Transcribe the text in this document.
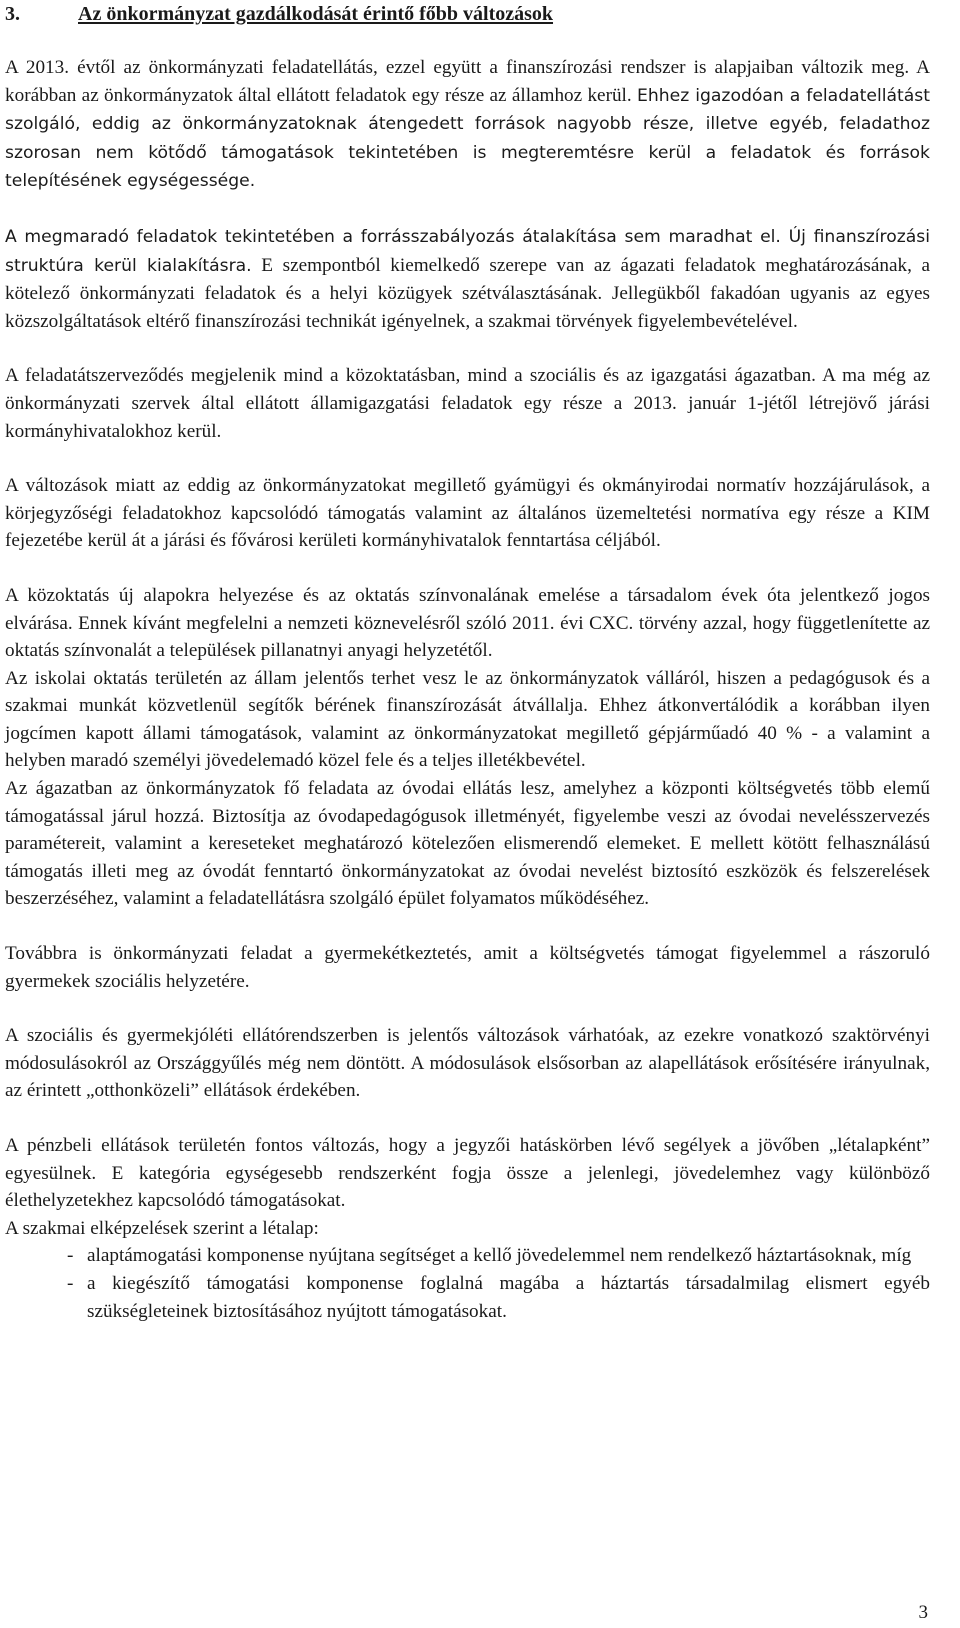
3.	Az önkormányzat gazdálkodását érintő főbb változások

A 2013. évtől az önkormányzati feladatellátás, ezzel együtt a finanszírozási rendszer is alapjaiban változik meg. A korábban az önkormányzatok által ellátott feladatok egy része az államhoz kerül. Ehhez igazodóan a feladatellátást szolgáló, eddig az önkormányzatoknak átengedett források nagyobb része, illetve egyéb, feladathoz szorosan nem kötődő támogatások tekintetében is megteremtésre kerül a feladatok és források telepítésének egységessége.

A megmaradó feladatok tekintetében a forrásszabályozás átalakítása sem maradhat el. Új finanszírozási struktúra kerül kialakításra. E szempontból kiemelkedő szerepe van az ágazati feladatok meghatározásának, a kötelező önkormányzati feladatok és a helyi közügyek szétválasztásának. Jellegükből fakadóan ugyanis az egyes közszolgáltatások eltérő finanszírozási technikát igényelnek, a szakmai törvények figyelembevételével.

A feladatátszerveződés megjelenik mind a közoktatásban, mind a szociális és az igazgatási ágazatban. A ma még az önkormányzati szervek által ellátott államigazgatási feladatok egy része a 2013. január 1-jétől létrejövő járási kormányhivatalokhoz kerül.

A változások miatt az eddig az önkormányzatokat megillető gyámügyi és okmányirodai normatív hozzájárulások, a körjegyzőségi feladatokhoz kapcsolódó támogatás valamint az általános üzemeltetési normatíva egy része a KIM fejezetébe kerül át a járási és fővárosi kerületi kormányhivatalok fenntartása céljából.

A közoktatás új alapokra helyezése és az oktatás színvonalának emelése a társadalom évek óta jelentkező jogos elvárása. Ennek kívánt megfelelni a nemzeti köznevelésről szóló 2011. évi CXC. törvény azzal, hogy függetlenítette az oktatás színvonalát a települések pillanatnyi anyagi helyzetétől.

Az iskolai oktatás területén az állam jelentős terhet vesz le az önkormányzatok válláról, hiszen a pedagógusok és a szakmai munkát közvetlenül segítők bérének finanszírozását átvállalja. Ehhez átkonvertálódik a korábban ilyen jogcímen kapott állami támogatások, valamint az önkormányzatokat megillető gépjárműadó 40 % - a valamint a helyben maradó személyi jövedelemadó közel fele és a teljes illetékbevétel.

Az ágazatban az önkormányzatok fő feladata az óvodai ellátás lesz, amelyhez a központi költségvetés több elemű támogatással járul hozzá. Biztosítja az óvodapedagógusok illetményét, figyelembe veszi az óvodai nevelésszervezés paramétereit, valamint a kereseteket meghatározó kötelezően elismerendő elemeket. E mellett kötött felhasználású támogatás illeti meg az óvodát fenntartó önkormányzatokat az óvodai nevelést biztosító eszközök és felszerelések beszerzéséhez, valamint a feladatellátásra szolgáló épület folyamatos működéséhez.

Továbbra is önkormányzati feladat a gyermekétkeztetés, amit a költségvetés támogat figyelemmel a rászoruló gyermekek szociális helyzetére.

A szociális és gyermekjóléti ellátórendszerben is jelentős változások várhatóak, az ezekre vonatkozó szaktörvényi módosulásokról az Országgyűlés még nem döntött. A módosulások elsősorban az alapellátások erősítésére irányulnak, az érintett „otthonközeli” ellátások érdekében.

A pénzbeli ellátások területén fontos változás, hogy a jegyzői hatáskörben lévő segélyek a jövőben „létalapként” egyesülnek. E kategória egységesebb rendszerként fogja össze a jelenlegi, jövedelemhez vagy különböző élethelyzetekhez kapcsolódó támogatásokat.

A szakmai elképzelések szerint a létalap:

- alaptámogatási komponense nyújtana segítséget a kellő jövedelemmel nem rendelkező háztartásoknak, míg
- a kiegészítő támogatási komponense foglalná magába a háztartás társadalmilag elismert egyéb szükségleteinek biztosításához nyújtott támogatásokat.
3
